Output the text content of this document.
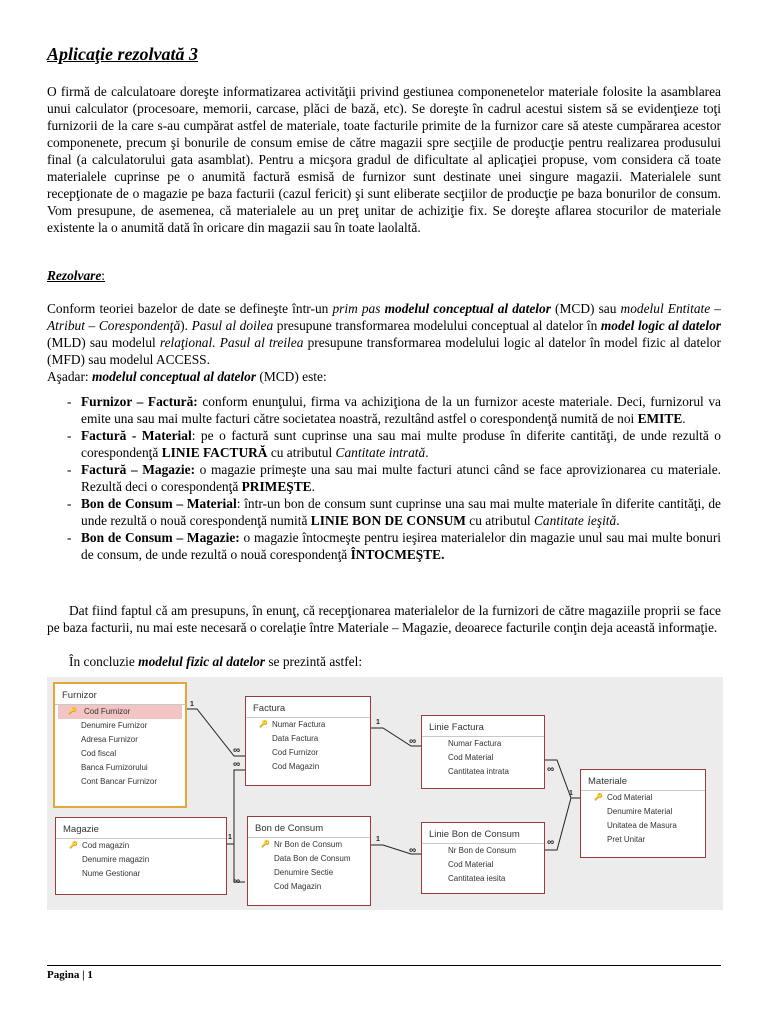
Aplicaţie rezolvată 3
O firmă de calculatoare doreşte informatizarea activităţii privind gestiunea componenetelor materiale folosite la asamblarea unui calculator (procesoare, memorii, carcase, plăci de bază, etc). Se doreşte în cadrul acestui sistem să se evidenţieze toţi furnizorii de la care s-au cumpărat astfel de materiale, toate facturile primite de la furnizor care să ateste cumpărarea acestor componenete, precum şi bonurile de consum emise de către magazii spre secţiile de producţie pentru realizarea produsului final (a calculatorului gata asamblat). Pentru a micşora gradul de dificultate al aplicaţiei propuse, vom considera că toate materialele cuprinse pe o anumită factură esmisă de furnizor sunt destinate unei singure magazii. Materialele sunt recepţionate de o magazie pe baza facturii (cazul fericit) şi sunt eliberate secţiilor de producţie pe baza bonurilor de consum. Vom presupune, de asemenea, că materialele au un preţ unitar de achiziţie fix. Se doreşte aflarea stocurilor de materiale existente la o anumită dată în oricare din magazii sau în toate laolaltă.
Rezolvare:
Conform teoriei bazelor de date se defineşte într-un prim pas modelul conceptual al datelor (MCD) sau modelul Entitate – Atribut – Corespondenţă). Pasul al doilea presupune transformarea modelului conceptual al datelor în model logic al datelor (MLD) sau modelul relaţional. Pasul al treilea presupune transformarea modelului logic al datelor în model fizic al datelor (MFD) sau modelul ACCESS.
Aşadar: modelul conceptual al datelor (MCD) este:
- Furnizor – Factură: conform enunţului, firma va achiziţiona de la un furnizor aceste materiale. Deci, furnizorul va emite una sau mai multe facturi către societatea noastră, rezultând astfel o corespondenţă numită de noi EMITE.
- Factură - Material: pe o factură sunt cuprinse una sau mai multe produse în diferite cantităţi, de unde rezultă o corespondenţă LINIE FACTURĂ cu atributul Cantitate intrată.
- Factură – Magazie: o magazie primeşte una sau mai multe facturi atunci când se face aprovizionarea cu materiale. Rezultă deci o corespondenţă PRIMEŞTE.
- Bon de Consum – Material: într-un bon de consum sunt cuprinse una sau mai multe materiale în diferite cantităţi, de unde rezultă o nouă corespondenţă numită LINIE BON DE CONSUM cu atributul Cantitate ieşită.
- Bon de Consum – Magazie: o magazie întocmeşte pentru ieşirea materialelor din magazie unul sau mai multe bonuri de consum, de unde rezultă o nouă corespondenţă ÎNTOCMEŞTE.
Dat fiind faptul că am presupuns, în enunţ, că recepţionarea materialelor de la furnizori de către magaziile proprii se face pe baza facturii, nu mai este necesară o corelaţie între Materiale – Magazie, deoarece facturile conţin deja această informaţie.
În concluzie modelul fizic al datelor se prezintă astfel:
1
∞
∞
1
∞
1
∞
1
∞
∞
1
∞
Furnizor
🔑 Cod Furnizor
Denumire Furnizor
Adresa Furnizor
Cod fiscal
Banca Furnizorului
Cont Bancar Furnizor
Factura
🔑 Numar Factura
Data Factura
Cod Furnizor
Cod Magazin
Linie Factura
Numar Factura
Cod Material
Cantitatea intrata
Materiale
🔑 Cod Material
Denumire Material
Unitatea de Masura
Pret Unitar
Magazie
🔑 Cod magazin
Denumire magazin
Nume Gestionar
Bon de Consum
🔑 Nr Bon de Consum
Data Bon de Consum
Denumire Sectie
Cod Magazin
Linie Bon de Consum
Nr Bon de Consum
Cod Material
Cantitatea iesita
Pagina | 1
